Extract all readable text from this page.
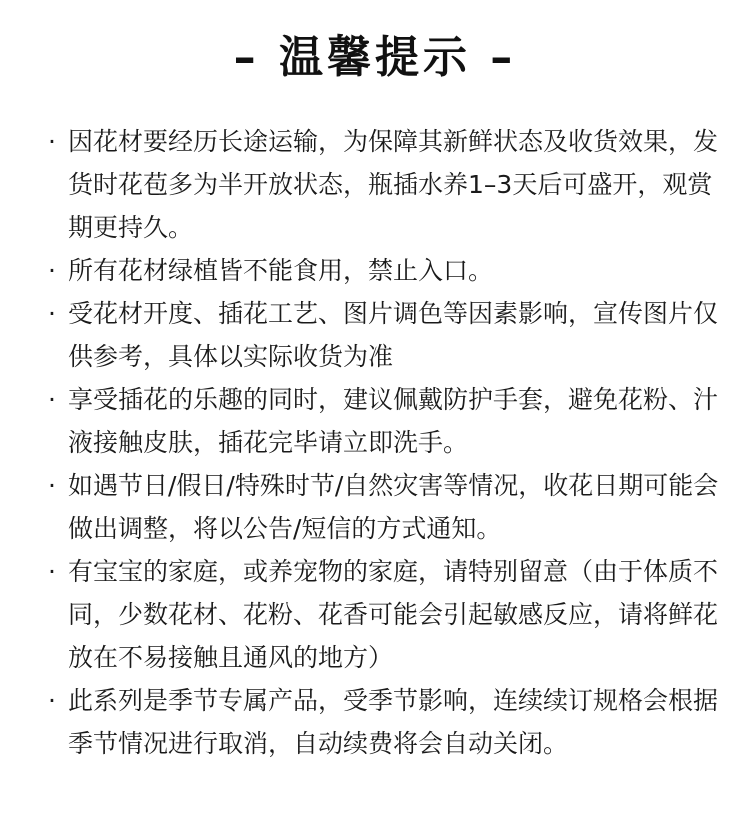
– 温馨提示 –
· 因花材要经历长途运输，为保障其新鲜状态及收货效果，发货时花苞多为半开放状态，瓶插水养1–3天后可盛开，观赏期更持久。
· 所有花材绿植皆不能食用，禁止入口。
· 受花材开度、插花工艺、图片调色等因素影响，宣传图片仅供参考，具体以实际收货为准
· 享受插花的乐趣的同时，建议佩戴防护手套，避免花粉、汁液接触皮肤，插花完毕请立即洗手。
· 如遇节日/假日/特殊时节/自然灾害等情况，收花日期可能会做出调整，将以公告/短信的方式通知。
· 有宝宝的家庭，或养宠物的家庭，请特别留意（由于体质不同，少数花材、花粉、花香可能会引起敏感反应，请将鲜花放在不易接触且通风的地方）
· 此系列是季节专属产品，受季节影响，连续续订规格会根据季节情况进行取消，自动续费将会自动关闭。
